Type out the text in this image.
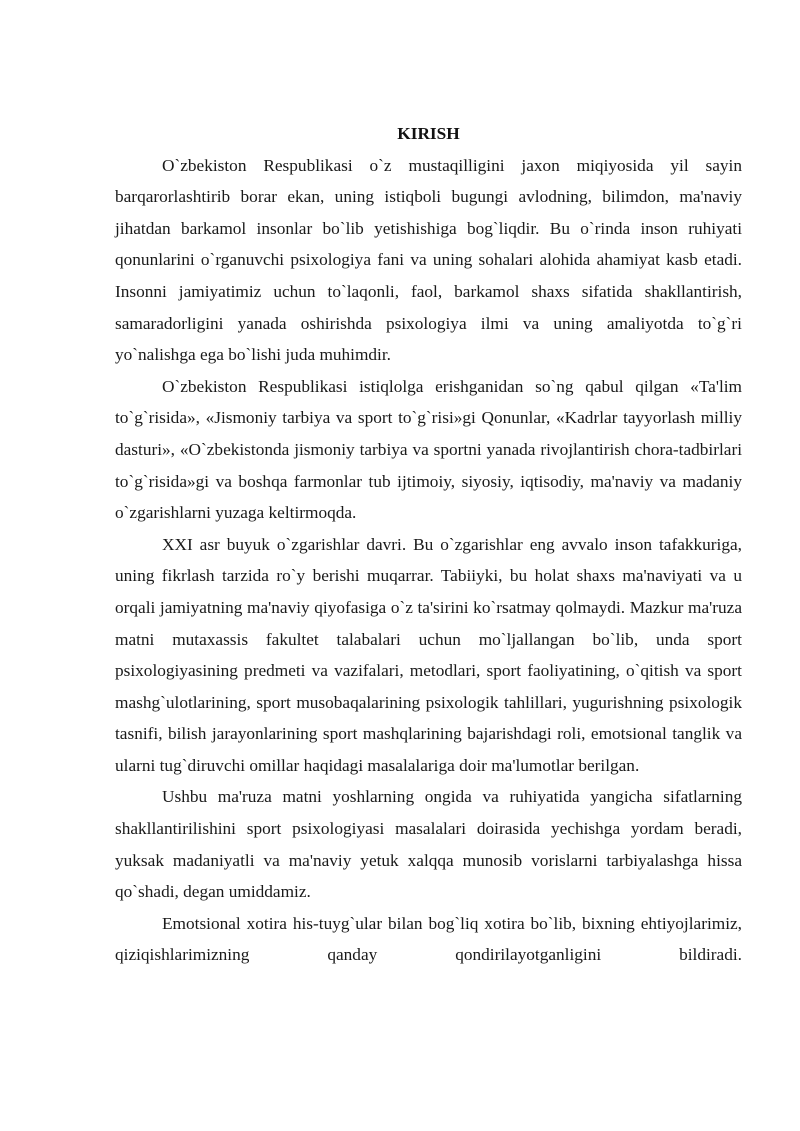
KIRISH

O`zbekiston Respublikasi o`z mustaqilligini jaxon miqiyosida yil sayin barqarorlashtirib borar ekan, uning istiqboli bugungi avlodning, bilimdon, ma'naviy jihatdan barkamol insonlar bo`lib yetishishiga bog`liqdir. Bu o`rinda inson ruhiyati qonunlarini o`rganuvchi psixologiya fani va uning sohalari alohida ahamiyat kasb etadi. Insonni jamiyatimiz uchun to`laqonli, faol, barkamol shaxs sifatida shakllantirish, samaradorligini yanada oshirishda psixologiya ilmi va uning amaliyotda to`g`ri yo`nalishga ega bo`lishi juda muhimdir.

O`zbekiston Respublikasi istiqlolga erishganidan so`ng qabul qilgan «Ta'lim to`g`risida», «Jismoniy tarbiya va sport to`g`risi»gi Qonunlar, «Kadrlar tayyorlash milliy dasturi», «O`zbekistonda jismoniy tarbiya va sportni yanada rivojlantirish chora-tadbirlari to`g`risida»gi va boshqa farmonlar tub ijtimoiy, siyosiy, iqtisodiy, ma'naviy va madaniy o`zgarishlarni yuzaga keltirmoqda.

XXI asr buyuk o`zgarishlar davri. Bu o`zgarishlar eng avvalo inson tafakkuriga, uning fikrlash tarzida ro`y berishi muqarrar. Tabiiyki, bu holat shaxs ma'naviyati va u orqali jamiyatning ma'naviy qiyofasiga o`z ta'sirini ko`rsatmay qolmaydi. Mazkur ma'ruza matni mutaxassis fakultet talabalari uchun mo`ljallangan bo`lib, unda sport psixologiyasining predmeti va vazifalari, metodlari, sport faoliyatining, o`qitish va sport mashg`ulotlarining, sport musobaqalarining psixologik tahlillari, yugurishning psixologik tasnifi, bilish jarayonlarining sport mashqlarining bajarishdagi roli, emotsional tanglik va ularni tug`diruvchi omillar haqidagi masalalariga doir ma'lumotlar berilgan.

Ushbu ma'ruza matni yoshlarning ongida va ruhiyatida yangicha sifatlarning shakllantirilishini sport psixologiyasi masalalari doirasida yechishga yordam beradi, yuksak madaniyatli va ma'naviy yetuk xalqqa munosib vorislarni tarbiyalashga hissa qo`shadi, degan umiddamiz.

Emotsional xotira his-tuyg`ular bilan bog`liq xotira bo`lib, bixning ehtiyojlarimiz, qiziqishlarimizning qanday qondirilayotganligini bildiradi.
